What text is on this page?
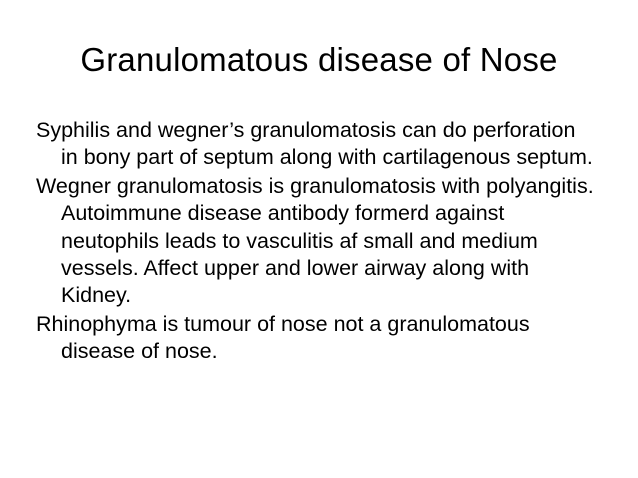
Granulomatous disease of Nose

Syphilis and wegner’s granulomatosis can do perforation in bony part of septum along with cartilagenous septum.

Wegner granulomatosis is granulomatosis with polyangitis. Autoimmune disease antibody formerd against neutophils leads to vasculitis af small and medium vessels. Affect upper and lower airway along with Kidney.

Rhinophyma is tumour of nose not a granulomatous disease of nose.
